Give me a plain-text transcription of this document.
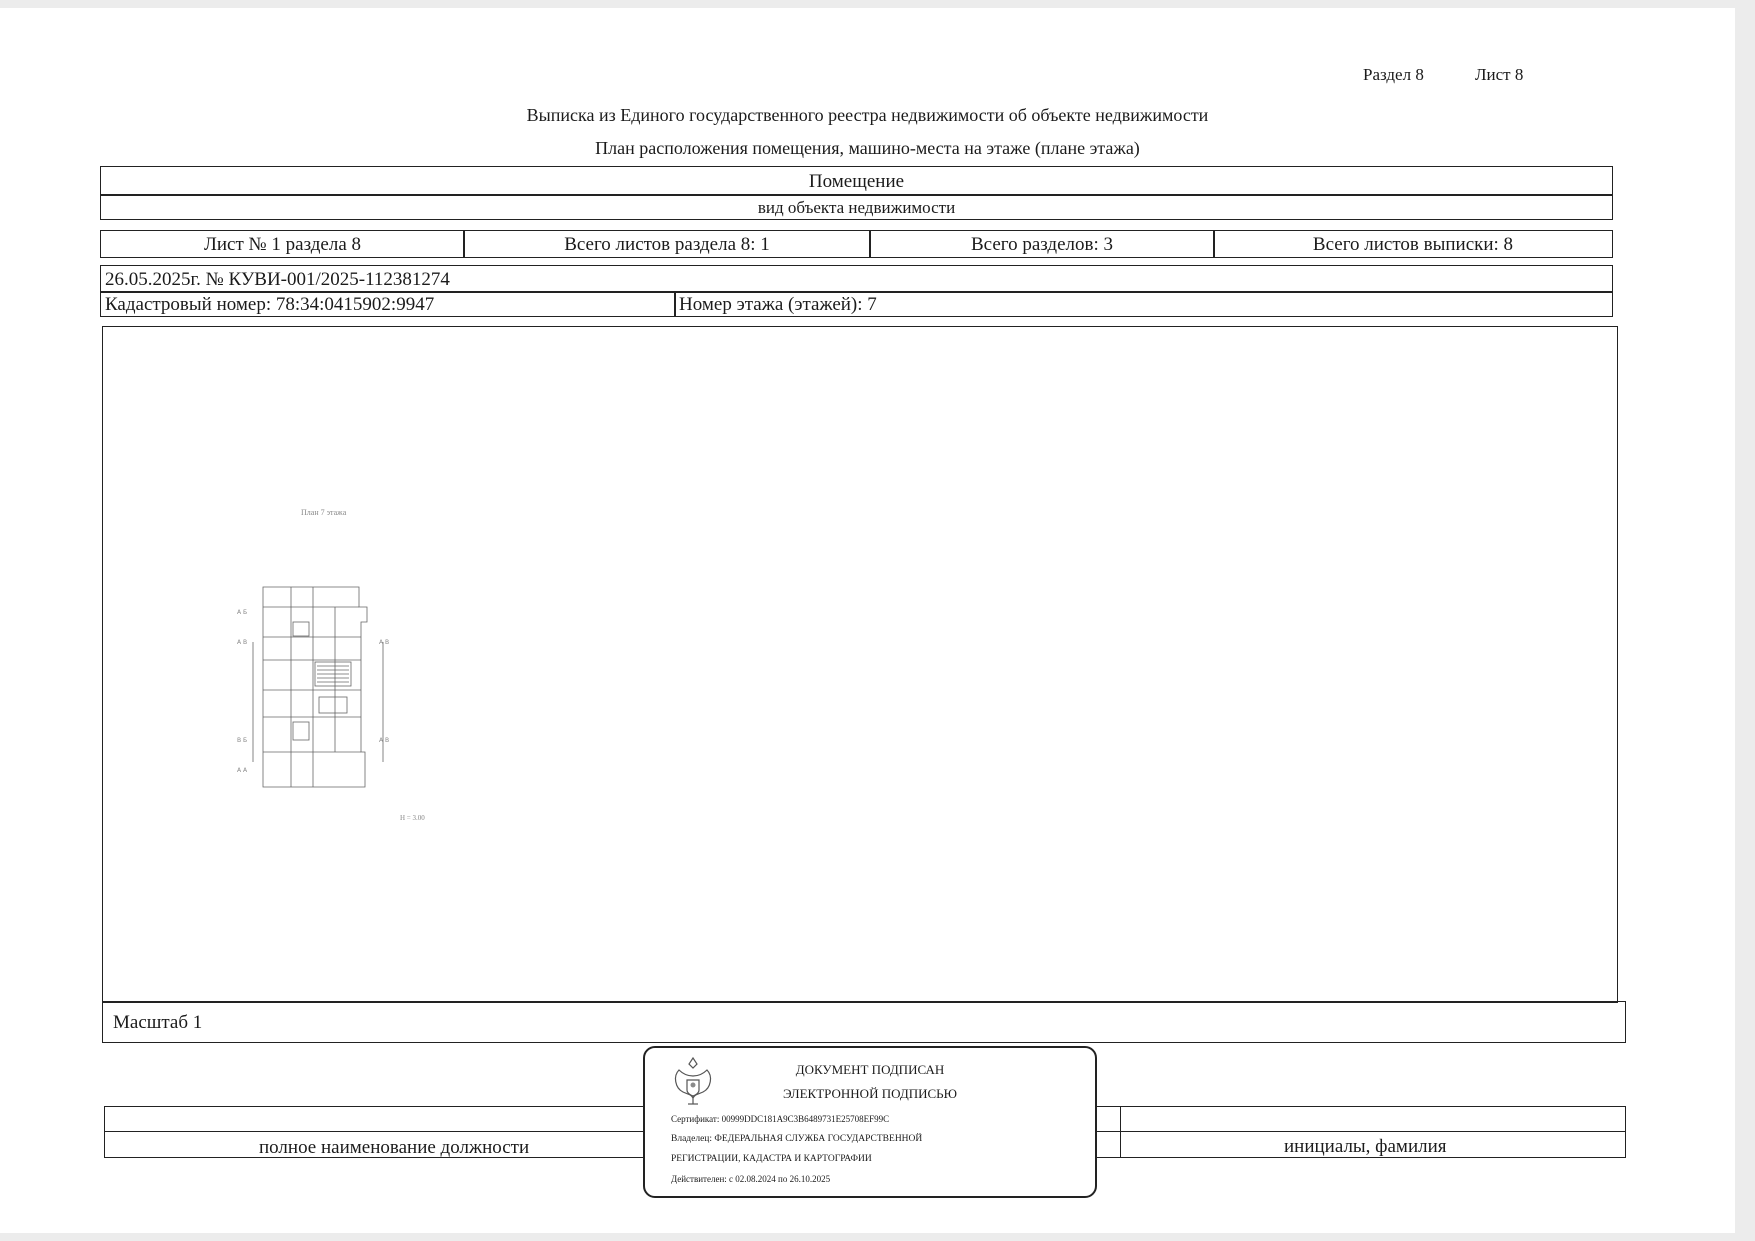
Раздел 8	Лист 8
Выписка из Единого государственного реестра недвижимости об объекте недвижимости
План расположения помещения, машино-места на этаже (плане этажа)
Помещение
вид объекта недвижимости
Лист № 1 раздела 8	Всего листов раздела 8: 1	Всего разделов: 3	Всего листов выписки: 8
26.05.2025г. № КУВИ-001/2025-112381274
Кадастровый номер: 78:34:0415902:9947	Номер этажа (этажей): 7
План 7 этажа
А Б
А В
В Б
А А
А В
А В
Н = 3.00
Масштаб 1
полное наименование должности	инициалы, фамилия
ДОКУМЕНТ ПОДПИСАН
ЭЛЕКТРОННОЙ ПОДПИСЬЮ
Сертификат: 00999DDC181A9C3B6489731E25708EF99C
Владелец: ФЕДЕРАЛЬНАЯ СЛУЖБА ГОСУДАРСТВЕННОЙ
РЕГИСТРАЦИИ, КАДАСТРА И КАРТОГРАФИИ
Действителен: с 02.08.2024 по 26.10.2025
